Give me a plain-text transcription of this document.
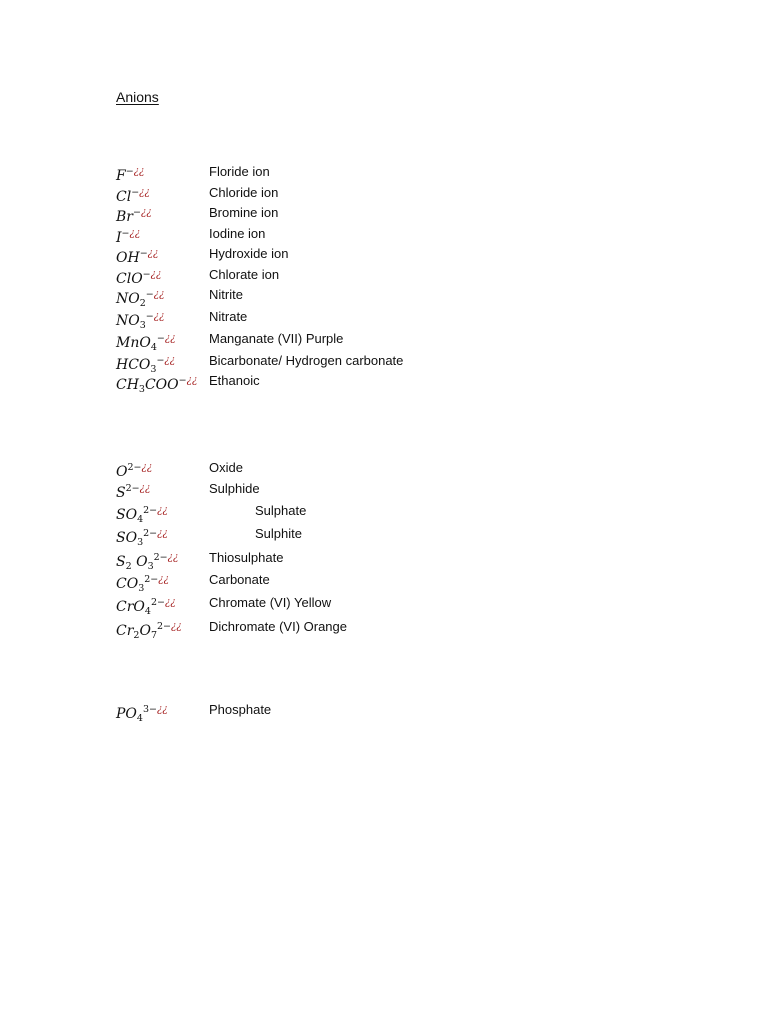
Anions
F−¿¿	Floride ion
Cl−¿¿	Chloride ion
Br−¿¿	Bromine ion
I−¿¿	Iodine ion
OH−¿¿	Hydroxide ion
ClO−¿¿	Chlorate ion
$NO_2^{-¿¿}$	Nitrite
$NO_3^{-¿¿}$	Nitrate
MnO$_4$−¿¿	Manganate (VII) Purple
$HCO_3^{-¿¿}$	Bicarbonate/ Hydrogen carbonate
$CH_3COO^{-¿¿}$ Ethanoic
$O^{2-¿¿}$	Oxide
$S^{2-¿¿}$	Sulphide
$SO_4^{2-¿¿}$	Sulphate
$SO_3^{2-¿¿}$	Sulphite
$S_2$ $O_3^{2-¿¿}$ Thiosulphate
$CO_3^{2-¿¿}$	Carbonate
CrO$_4^{2-¿¿}$	Chromate (VI) Yellow
$Cr_2O_7^{2-¿¿}$ Dichromate (VI) Orange
$PO_4^{3-¿¿}$	Phosphate
